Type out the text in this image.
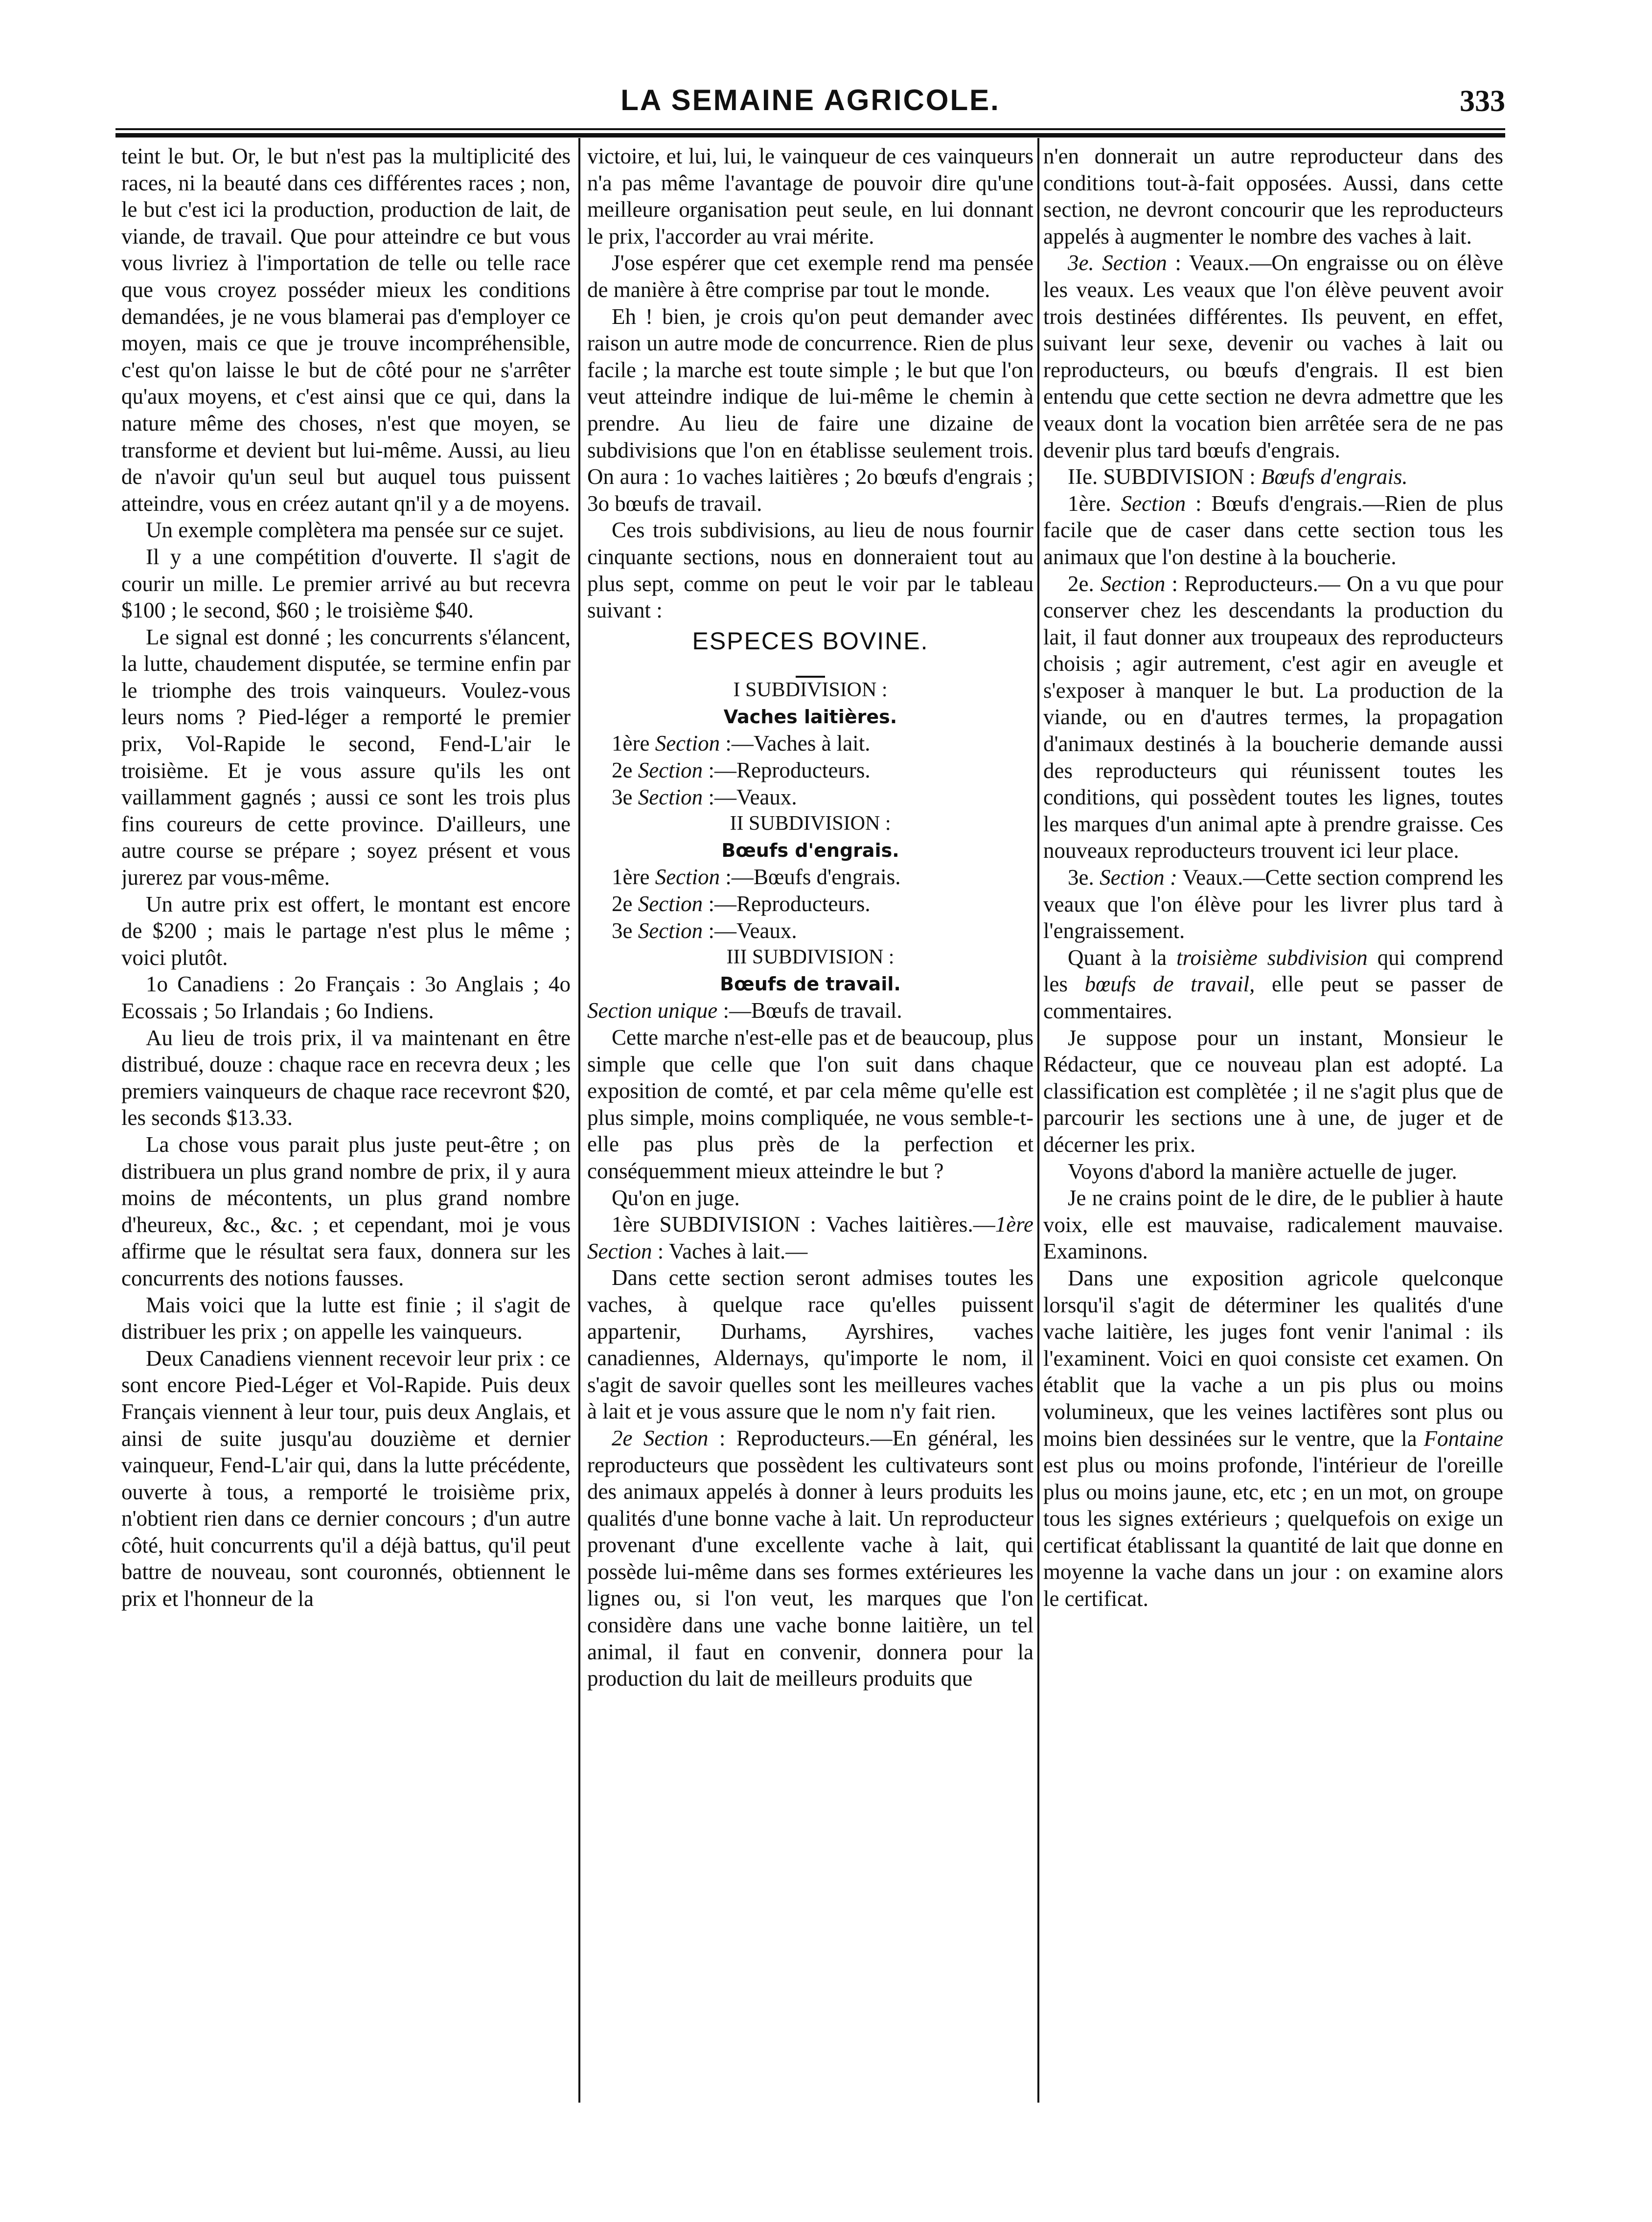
LA SEMAINE AGRICOLE.	333

teint le but. Or, le but n'est pas la multiplicité des races, ni la beauté dans ces différentes races ; non, le but c'est ici la production, production de lait, de viande, de travail. Que pour atteindre ce but vous vous livriez à l'importation de telle ou telle race que vous croyez posséder mieux les conditions demandées, je ne vous blamerai pas d'employer ce moyen, mais ce que je trouve incompréhensible, c'est qu'on laisse le but de côté pour ne s'arrêter qu'aux moyens, et c'est ainsi que ce qui, dans la nature même des choses, n'est que moyen, se transforme et devient but lui-même. Aussi, au lieu de n'avoir qu'un seul but auquel tous puissent atteindre, vous en créez autant qn'il y a de moyens.

Un exemple complètera ma pensée sur ce sujet.

Il y a une compétition d'ouverte. Il s'agit de courir un mille. Le premier arrivé au but recevra $100 ; le second, $60 ; le troisième $40.

Le signal est donné ; les concurrents s'élancent, la lutte, chaudement disputée, se termine enfin par le triomphe des trois vainqueurs. Voulez-vous leurs noms ? Pied-léger a remporté le premier prix, Vol-Rapide le second, Fend-L'air le troisième. Et je vous assure qu'ils les ont vaillamment gagnés ; aussi ce sont les trois plus fins coureurs de cette province. D'ailleurs, une autre course se prépare ; soyez présent et vous jurerez par vous-même.

Un autre prix est offert, le montant est encore de $200 ; mais le partage n'est plus le même ; voici plutôt.

1o Canadiens : 2o Français : 3o Anglais ; 4o Ecossais ; 5o Irlandais ; 6o Indiens.

Au lieu de trois prix, il va maintenant en être distribué, douze : chaque race en recevra deux ; les premiers vainqueurs de chaque race recevront $20, les seconds $13.33.

La chose vous parait plus juste peut-être ; on distribuera un plus grand nombre de prix, il y aura moins de mécontents, un plus grand nombre d'heureux, &c., &c. ; et cependant, moi je vous affirme que le résultat sera faux, donnera sur les concurrents des notions fausses.

Mais voici que la lutte est finie ; il s'agit de distribuer les prix ; on appelle les vainqueurs.

Deux Canadiens viennent recevoir leur prix : ce sont encore Pied-Léger et Vol-Rapide. Puis deux Français viennent à leur tour, puis deux Anglais, et ainsi de suite jusqu'au douzième et dernier vainqueur, Fend-L'air qui, dans la lutte précédente, ouverte à tous, a remporté le troisième prix, n'obtient rien dans ce dernier concours ; d'un autre côté, huit concurrents qu'il a déjà battus, qu'il peut battre de nouveau, sont couronnés, obtiennent le prix et l'honneur de la

victoire, et lui, lui, le vainqueur de ces vainqueurs n'a pas même l'avantage de pouvoir dire qu'une meilleure organisation peut seule, en lui donnant le prix, l'accorder au vrai mérite.

J'ose espérer que cet exemple rend ma pensée de manière à être comprise par tout le monde.

Eh ! bien, je crois qu'on peut demander avec raison un autre mode de concurrence. Rien de plus facile ; la marche est toute simple ; le but que l'on veut atteindre indique de lui-même le chemin à prendre. Au lieu de faire une dizaine de subdivisions que l'on en établisse seulement trois. On aura : 1o vaches laitières ; 2o bœufs d'engrais ; 3o bœufs de travail.

Ces trois subdivisions, au lieu de nous fournir cinquante sections, nous en donneraient tout au plus sept, comme on peut le voir par le tableau suivant :

ESPECES BOVINE.

I SUBDIVISION :

Vaches laitières.

1ère Section :—Vaches à lait.

2e Section :—Reproducteurs.

3e Section :—Veaux.

II SUBDIVISION :

Bœufs d'engrais.

1ère Section :—Bœufs d'engrais.

2e Section :—Reproducteurs.

3e Section :—Veaux.

III SUBDIVISION :

Bœufs de travail.

Section unique :—Bœufs de travail.

Cette marche n'est-elle pas et de beaucoup, plus simple que celle que l'on suit dans chaque exposition de comté, et par cela même qu'elle est plus simple, moins compliquée, ne vous semble-t-elle pas plus près de la perfection et conséquemment mieux atteindre le but ?

Qu'on en juge.

1ère SUBDIVISION : Vaches laitières.—1ère Section : Vaches à lait.—

Dans cette section seront admises toutes les vaches, à quelque race qu'elles puissent appartenir, Durhams, Ayrshires, vaches canadiennes, Aldernays, qu'importe le nom, il s'agit de savoir quelles sont les meilleures vaches à lait et je vous assure que le nom n'y fait rien.

2e Section : Reproducteurs.—En général, les reproducteurs que possèdent les cultivateurs sont des animaux appelés à donner à leurs produits les qualités d'une bonne vache à lait. Un reproducteur provenant d'une excellente vache à lait, qui possède lui-même dans ses formes extérieures les lignes ou, si l'on veut, les marques que l'on considère dans une vache bonne laitière, un tel animal, il faut en convenir, donnera pour la production du lait de meilleurs produits que

n'en donnerait un autre reproducteur dans des conditions tout-à-fait opposées. Aussi, dans cette section, ne devront concourir que les reproducteurs appelés à augmenter le nombre des vaches à lait.

3e. Section : Veaux.—On engraisse ou on élève les veaux. Les veaux que l'on élève peuvent avoir trois destinées différentes. Ils peuvent, en effet, suivant leur sexe, devenir ou vaches à lait ou reproducteurs, ou bœufs d'engrais. Il est bien entendu que cette section ne devra admettre que les veaux dont la vocation bien arrêtée sera de ne pas devenir plus tard bœufs d'engrais.

IIe. SUBDIVISION : Bœufs d'engrais.

1ère. Section : Bœufs d'engrais.—Rien de plus facile que de caser dans cette section tous les animaux que l'on destine à la boucherie.

2e. Section : Reproducteurs.— On a vu que pour conserver chez les descendants la production du lait, il faut donner aux troupeaux des reproducteurs choisis ; agir autrement, c'est agir en aveugle et s'exposer à manquer le but. La production de la viande, ou en d'autres termes, la propagation d'animaux destinés à la boucherie demande aussi des reproducteurs qui réunissent toutes les conditions, qui possèdent toutes les lignes, toutes les marques d'un animal apte à prendre graisse. Ces nouveaux reproducteurs trouvent ici leur place.

3e. Section : Veaux.—Cette section comprend les veaux que l'on élève pour les livrer plus tard à l'engraissement.

Quant à la troisième subdivision qui comprend les bœufs de travail, elle peut se passer de commentaires.

Je suppose pour un instant, Monsieur le Rédacteur, que ce nouveau plan est adopté. La classification est complètée ; il ne s'agit plus que de parcourir les sections une à une, de juger et de décerner les prix.

Voyons d'abord la manière actuelle de juger.

Je ne crains point de le dire, de le publier à haute voix, elle est mauvaise, radicalement mauvaise. Examinons.

Dans une exposition agricole quelconque lorsqu'il s'agit de déterminer les qualités d'une vache laitière, les juges font venir l'animal : ils l'examinent. Voici en quoi consiste cet examen. On établit que la vache a un pis plus ou moins volumineux, que les veines lactifères sont plus ou moins bien dessinées sur le ventre, que la Fontaine est plus ou moins profonde, l'intérieur de l'oreille plus ou moins jaune, etc, etc ; en un mot, on groupe tous les signes extérieurs ; quelquefois on exige un certificat établissant la quantité de lait que donne en moyenne la vache dans un jour : on examine alors le certificat.
